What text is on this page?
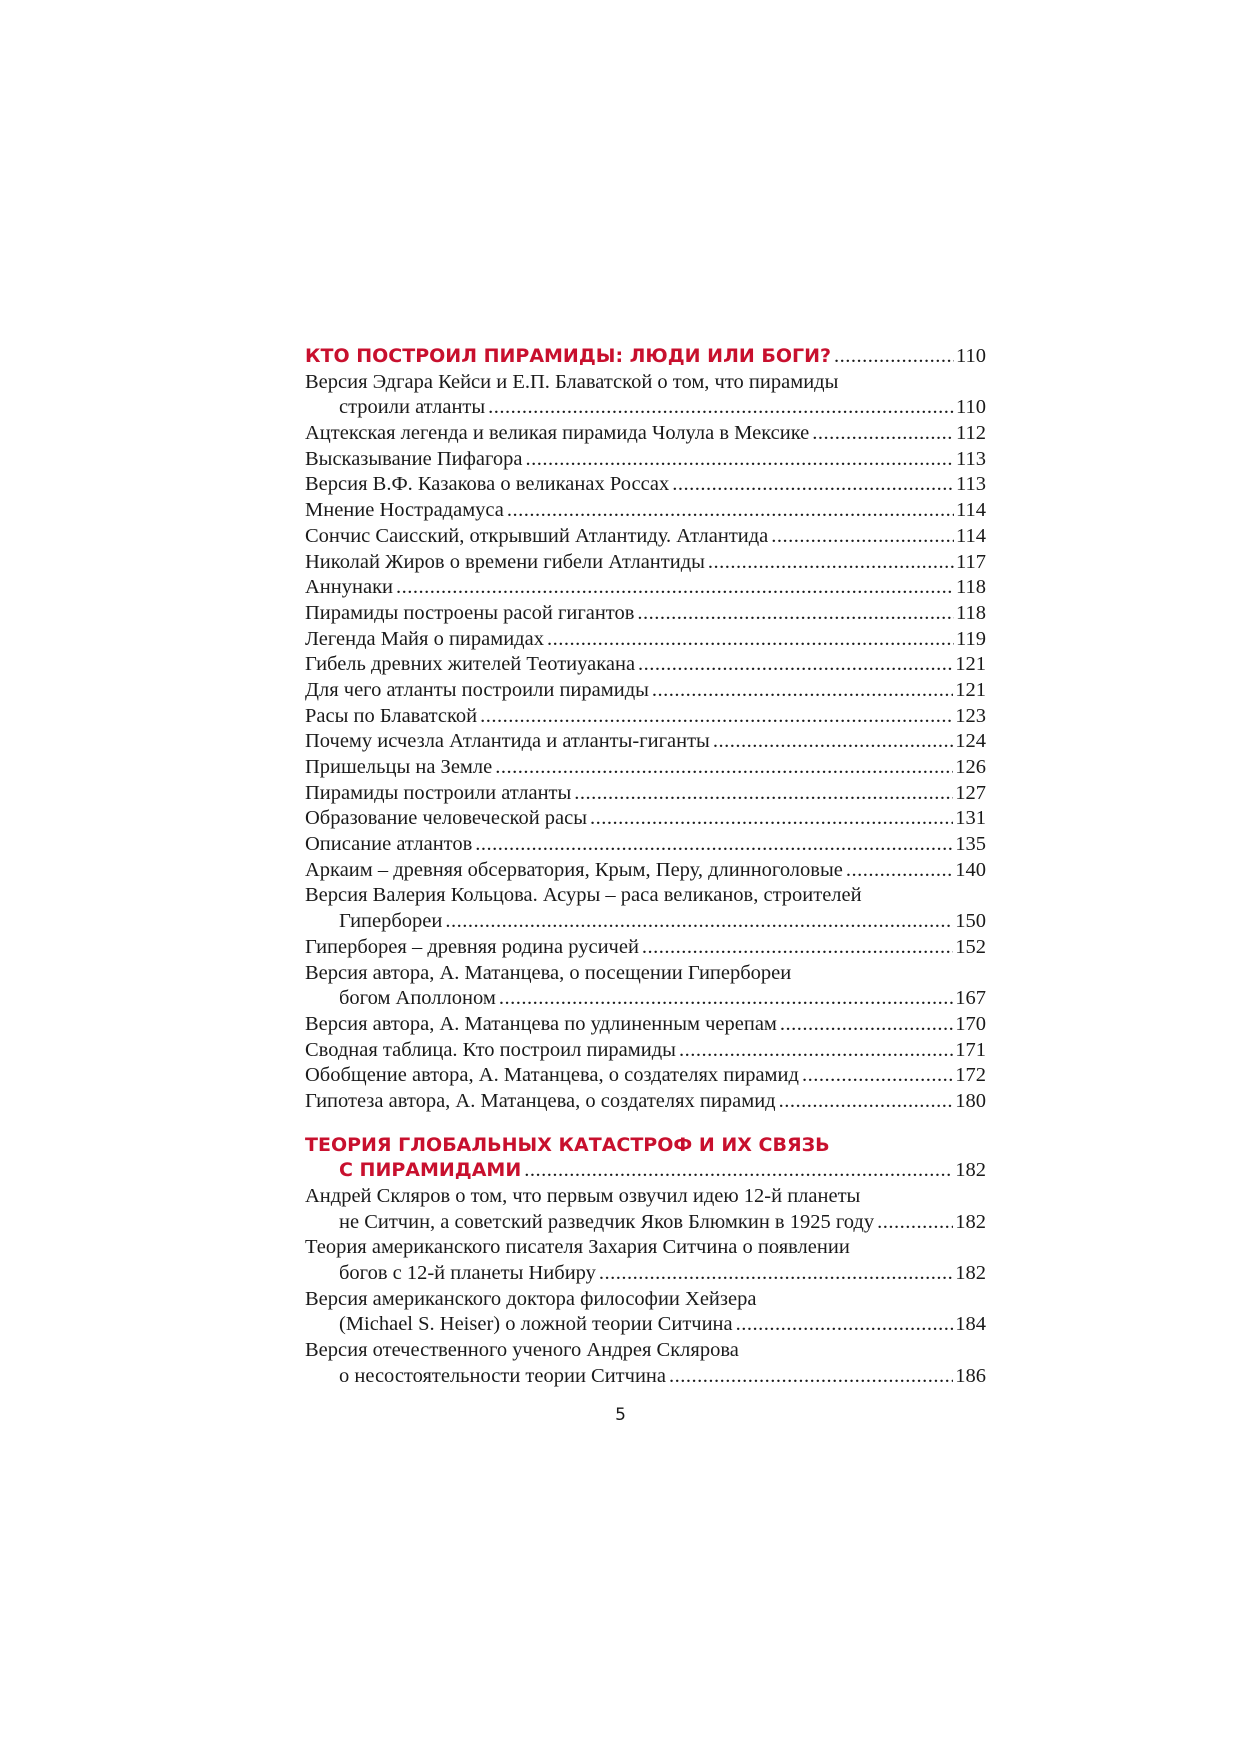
КТО ПОСТРОИЛ ПИРАМИДЫ: ЛЮДИ ИЛИ БОГИ? .....	110
Версия Эдгара Кейси и Е.П. Блаватской о том, что пирамиды
строили атланты .....	110
Ацтекская легенда и великая пирамида Чолула в Мексике .....	112
Высказывание Пифагора .....	113
Версия В.Ф. Казакова о великанах Россах .....	113
Мнение Нострадамуса .....	114
Сончис Саисский, открывший Атлантиду. Атлантида .....	114
Николай Жиров о времени гибели Атлантиды .....	117
Аннунаки .....	118
Пирамиды построены расой гигантов .....	118
Легенда Майя о пирамидах .....	119
Гибель древних жителей Теотиуакана .....	121
Для чего атланты построили пирамиды .....	121
Расы по Блаватской .....	123
Почему исчезла Атлантида и атланты-гиганты .....	124
Пришельцы на Земле .....	126
Пирамиды построили атланты .....	127
Образование человеческой расы .....	131
Описание атлантов .....	135
Аркаим – древняя обсерватория, Крым, Перу, длинноголовые .....	140
Версия Валерия Кольцова. Асуры – раса великанов, строителей
Гипербореи .....	150
Гиперборея – древняя родина русичей .....	152
Версия автора, А. Матанцева, о посещении Гипербореи
богом Аполлоном .....	167
Версия автора, А. Матанцева по удлиненным черепам .....	170
Сводная таблица. Кто построил пирамиды .....	171
Обобщение автора, А. Матанцева, о создателях пирамид .....	172
Гипотеза автора, А. Матанцева, о создателях пирамид .....	180
ТЕОРИЯ ГЛОБАЛЬНЫХ КАТАСТРОФ И ИХ СВЯЗЬ
С ПИРАМИДАМИ .....	182
Андрей Скляров о том, что первым озвучил идею 12-й планеты
не Ситчин, а советский разведчик Яков Блюмкин в 1925 году .....	182
Теория американского писателя Захария Ситчина о появлении
богов с 12-й планеты Нибиру .....	182
Версия американского доктора философии Хейзера
(Michael S. Heiser) о ложной теории Ситчина .....	184
Версия отечественного ученого Андрея Склярова
о несостоятельности теории Ситчина .....	186
5
